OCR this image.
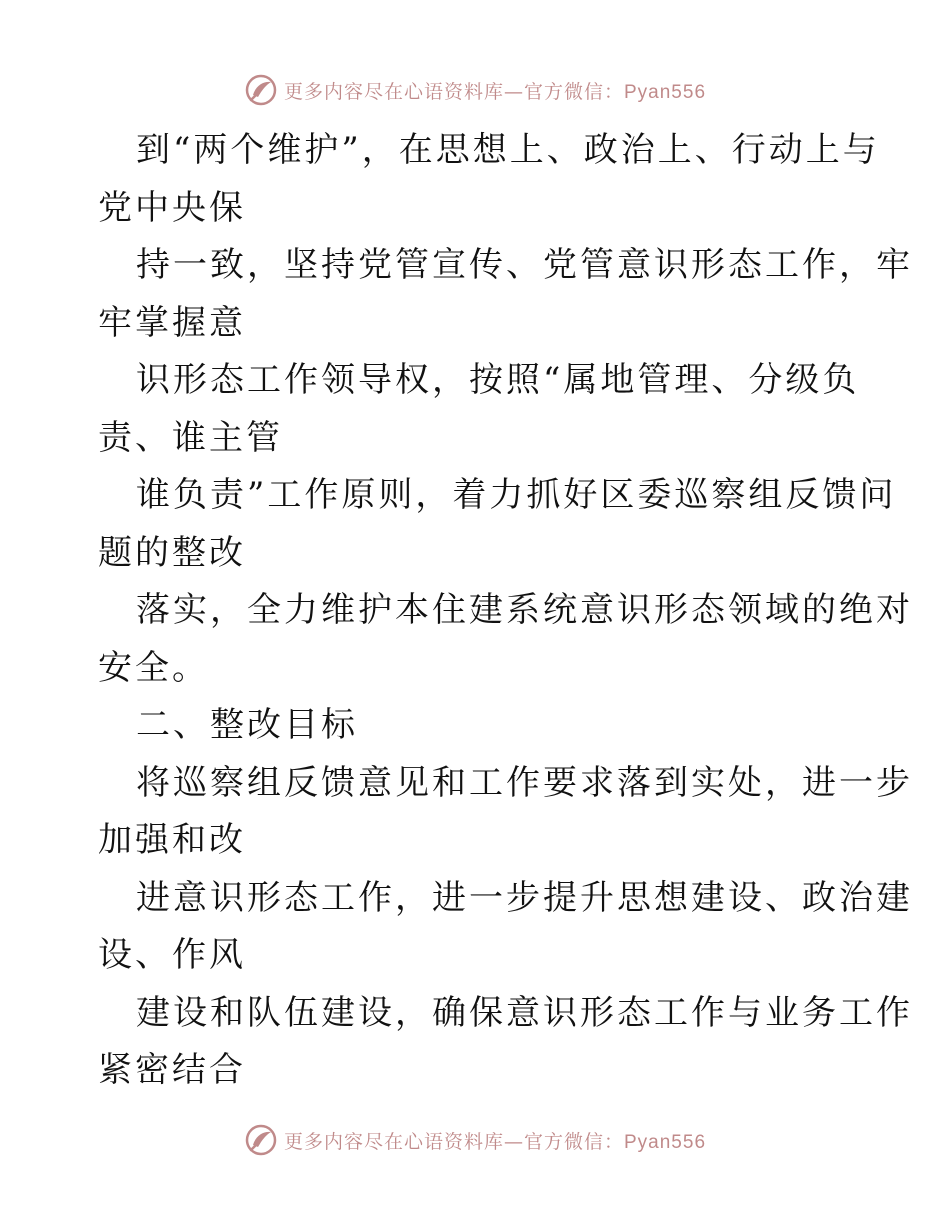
更多内容尽在心语资料库—官方微信：Pyan556
到“两个维护”，在思想上、政治上、行动上与
党中央保
持一致，坚持党管宣传、党管意识形态工作，牢
牢掌握意
识形态工作领导权，按照“属地管理、分级负
责、谁主管
谁负责”工作原则，着力抓好区委巡察组反馈问
题的整改
落实，全力维护本住建系统意识形态领域的绝对
安全。
二、整改目标
将巡察组反馈意见和工作要求落到实处，进一步
加强和改
进意识形态工作，进一步提升思想建设、政治建
设、作风
建设和队伍建设，确保意识形态工作与业务工作
紧密结合
更多内容尽在心语资料库—官方微信：Pyan556
